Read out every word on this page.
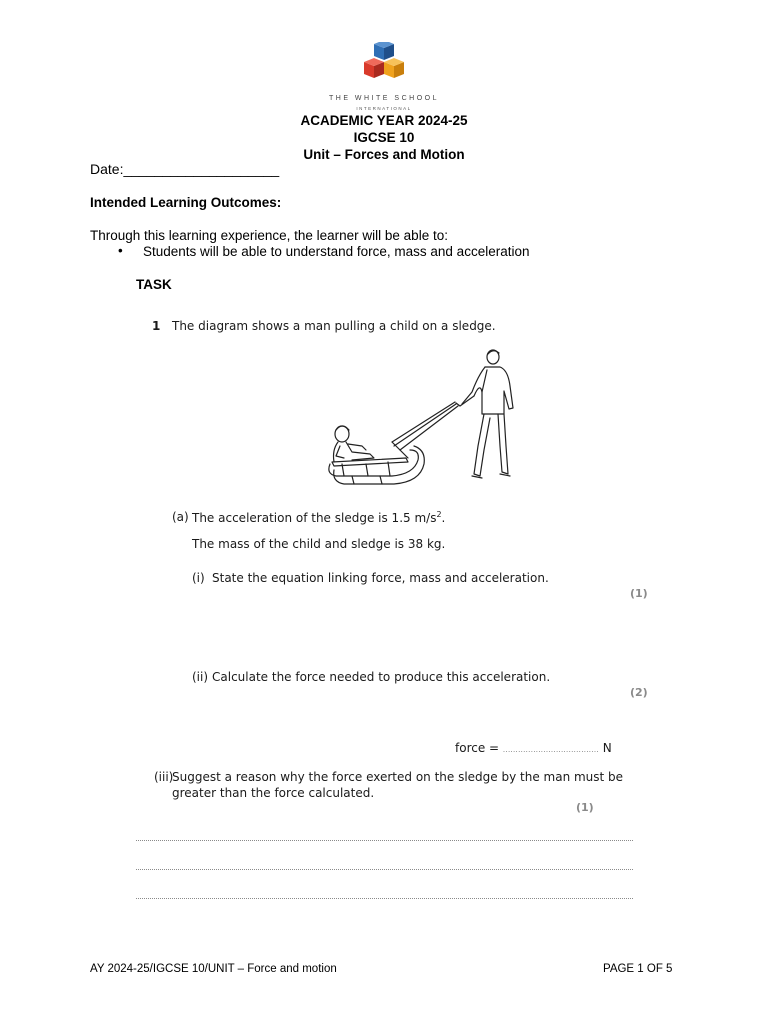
THE WHITE SCHOOL
INTERNATIONAL
ACADEMIC YEAR 2024-25
IGCSE 10
Unit – Forces and Motion
Date:____________________
Intended Learning Outcomes:
Through this learning experience, the learner will be able to:
• Students will be able to understand force, mass and acceleration
TASK
1 The diagram shows a man pulling a child on a sledge.
(a) The acceleration of the sledge is 1.5 $m/s^2$.
The mass of the child and sledge is 38 kg.
(i) State the equation linking force, mass and acceleration.
(1)
(ii) Calculate the force needed to produce this acceleration.
(2)
force = ...................................... N
(iii)
Suggest a reason why the force exerted on the sledge by the man must be
greater than the force calculated.
(1)
AY 2024-25/IGCSE 10/UNIT – Force and motion	PAGE 1 OF 5
